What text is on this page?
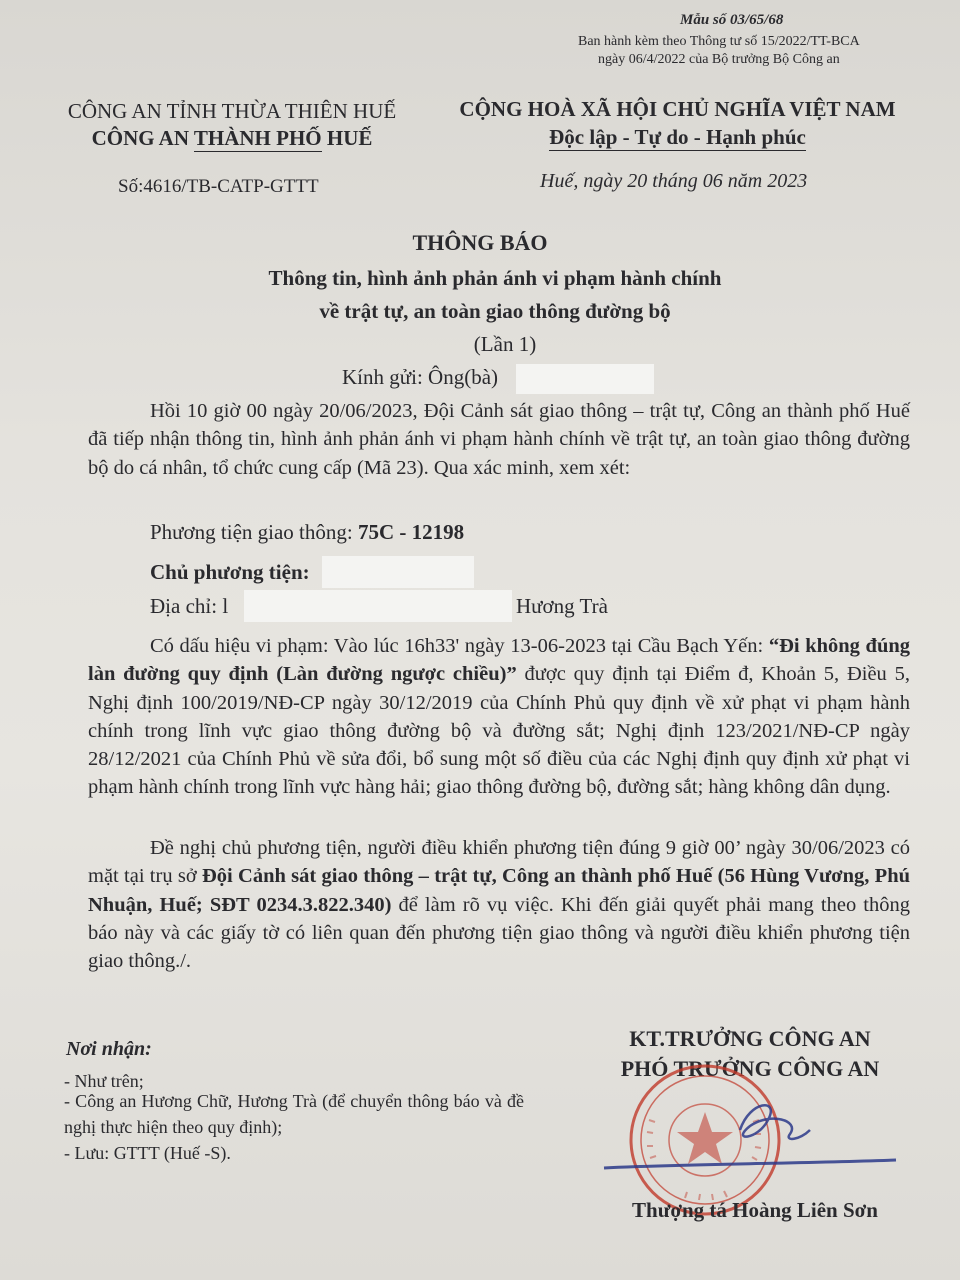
Mẫu số 03/65/68
Ban hành kèm theo Thông tư số 15/2022/TT-BCA
ngày 06/4/2022 của Bộ trưởng Bộ Công an
CÔNG AN TỈNH THỪA THIÊN HUẾ
CÔNG AN THÀNH PHỐ HUẾ
Số:4616/TB-CATP-GTTT
CỘNG HOÀ XÃ HỘI CHỦ NGHĨA VIỆT NAM
Độc lập - Tự do - Hạnh phúc
Huế, ngày 20 tháng 06 năm 2023
THÔNG BÁO
Thông tin, hình ảnh phản ánh vi phạm hành chính
về trật tự, an toàn giao thông đường bộ
(Lần 1)
Kính gửi: Ông(bà)
Hồi 10 giờ 00 ngày 20/06/2023, Đội Cảnh sát giao thông – trật tự, Công an thành phố Huế đã tiếp nhận thông tin, hình ảnh phản ánh vi phạm hành chính về trật tự, an toàn giao thông đường bộ do cá nhân, tổ chức cung cấp (Mã 23). Qua xác minh, xem xét:
Phương tiện giao thông: 75C - 12198
Chủ phương tiện:
Địa chỉ: l	Hương Trà
Có dấu hiệu vi phạm: Vào lúc 16h33' ngày 13-06-2023 tại Cầu Bạch Yến: “Đi không đúng làn đường quy định (Làn đường ngược chiều)” được quy định tại Điểm đ, Khoản 5, Điều 5, Nghị định 100/2019/NĐ-CP ngày 30/12/2019 của Chính Phủ quy định về xử phạt vi phạm hành chính trong lĩnh vực giao thông đường bộ và đường sắt; Nghị định 123/2021/NĐ-CP ngày 28/12/2021 của Chính Phủ về sửa đổi, bổ sung một số điều của các Nghị định quy định xử phạt vi phạm hành chính trong lĩnh vực hàng hải; giao thông đường bộ, đường sắt; hàng không dân dụng.
Đề nghị chủ phương tiện, người điều khiển phương tiện đúng 9 giờ 00’ ngày 30/06/2023 có mặt tại trụ sở Đội Cảnh sát giao thông – trật tự, Công an thành phố Huế (56 Hùng Vương, Phú Nhuận, Huế; SĐT 0234.3.822.340) để làm rõ vụ việc. Khi đến giải quyết phải mang theo thông báo này và các giấy tờ có liên quan đến phương tiện giao thông và người điều khiển phương tiện giao thông./.
Nơi nhận:
- Như trên;
- Công an Hương Chữ, Hương Trà (để chuyển thông báo và đề nghị thực hiện theo quy định);
- Lưu: GTTT (Huế -S).
KT.TRƯỞNG CÔNG AN
PHÓ TRƯỞNG CÔNG AN
Thượng tá Hoàng Liên Sơn
